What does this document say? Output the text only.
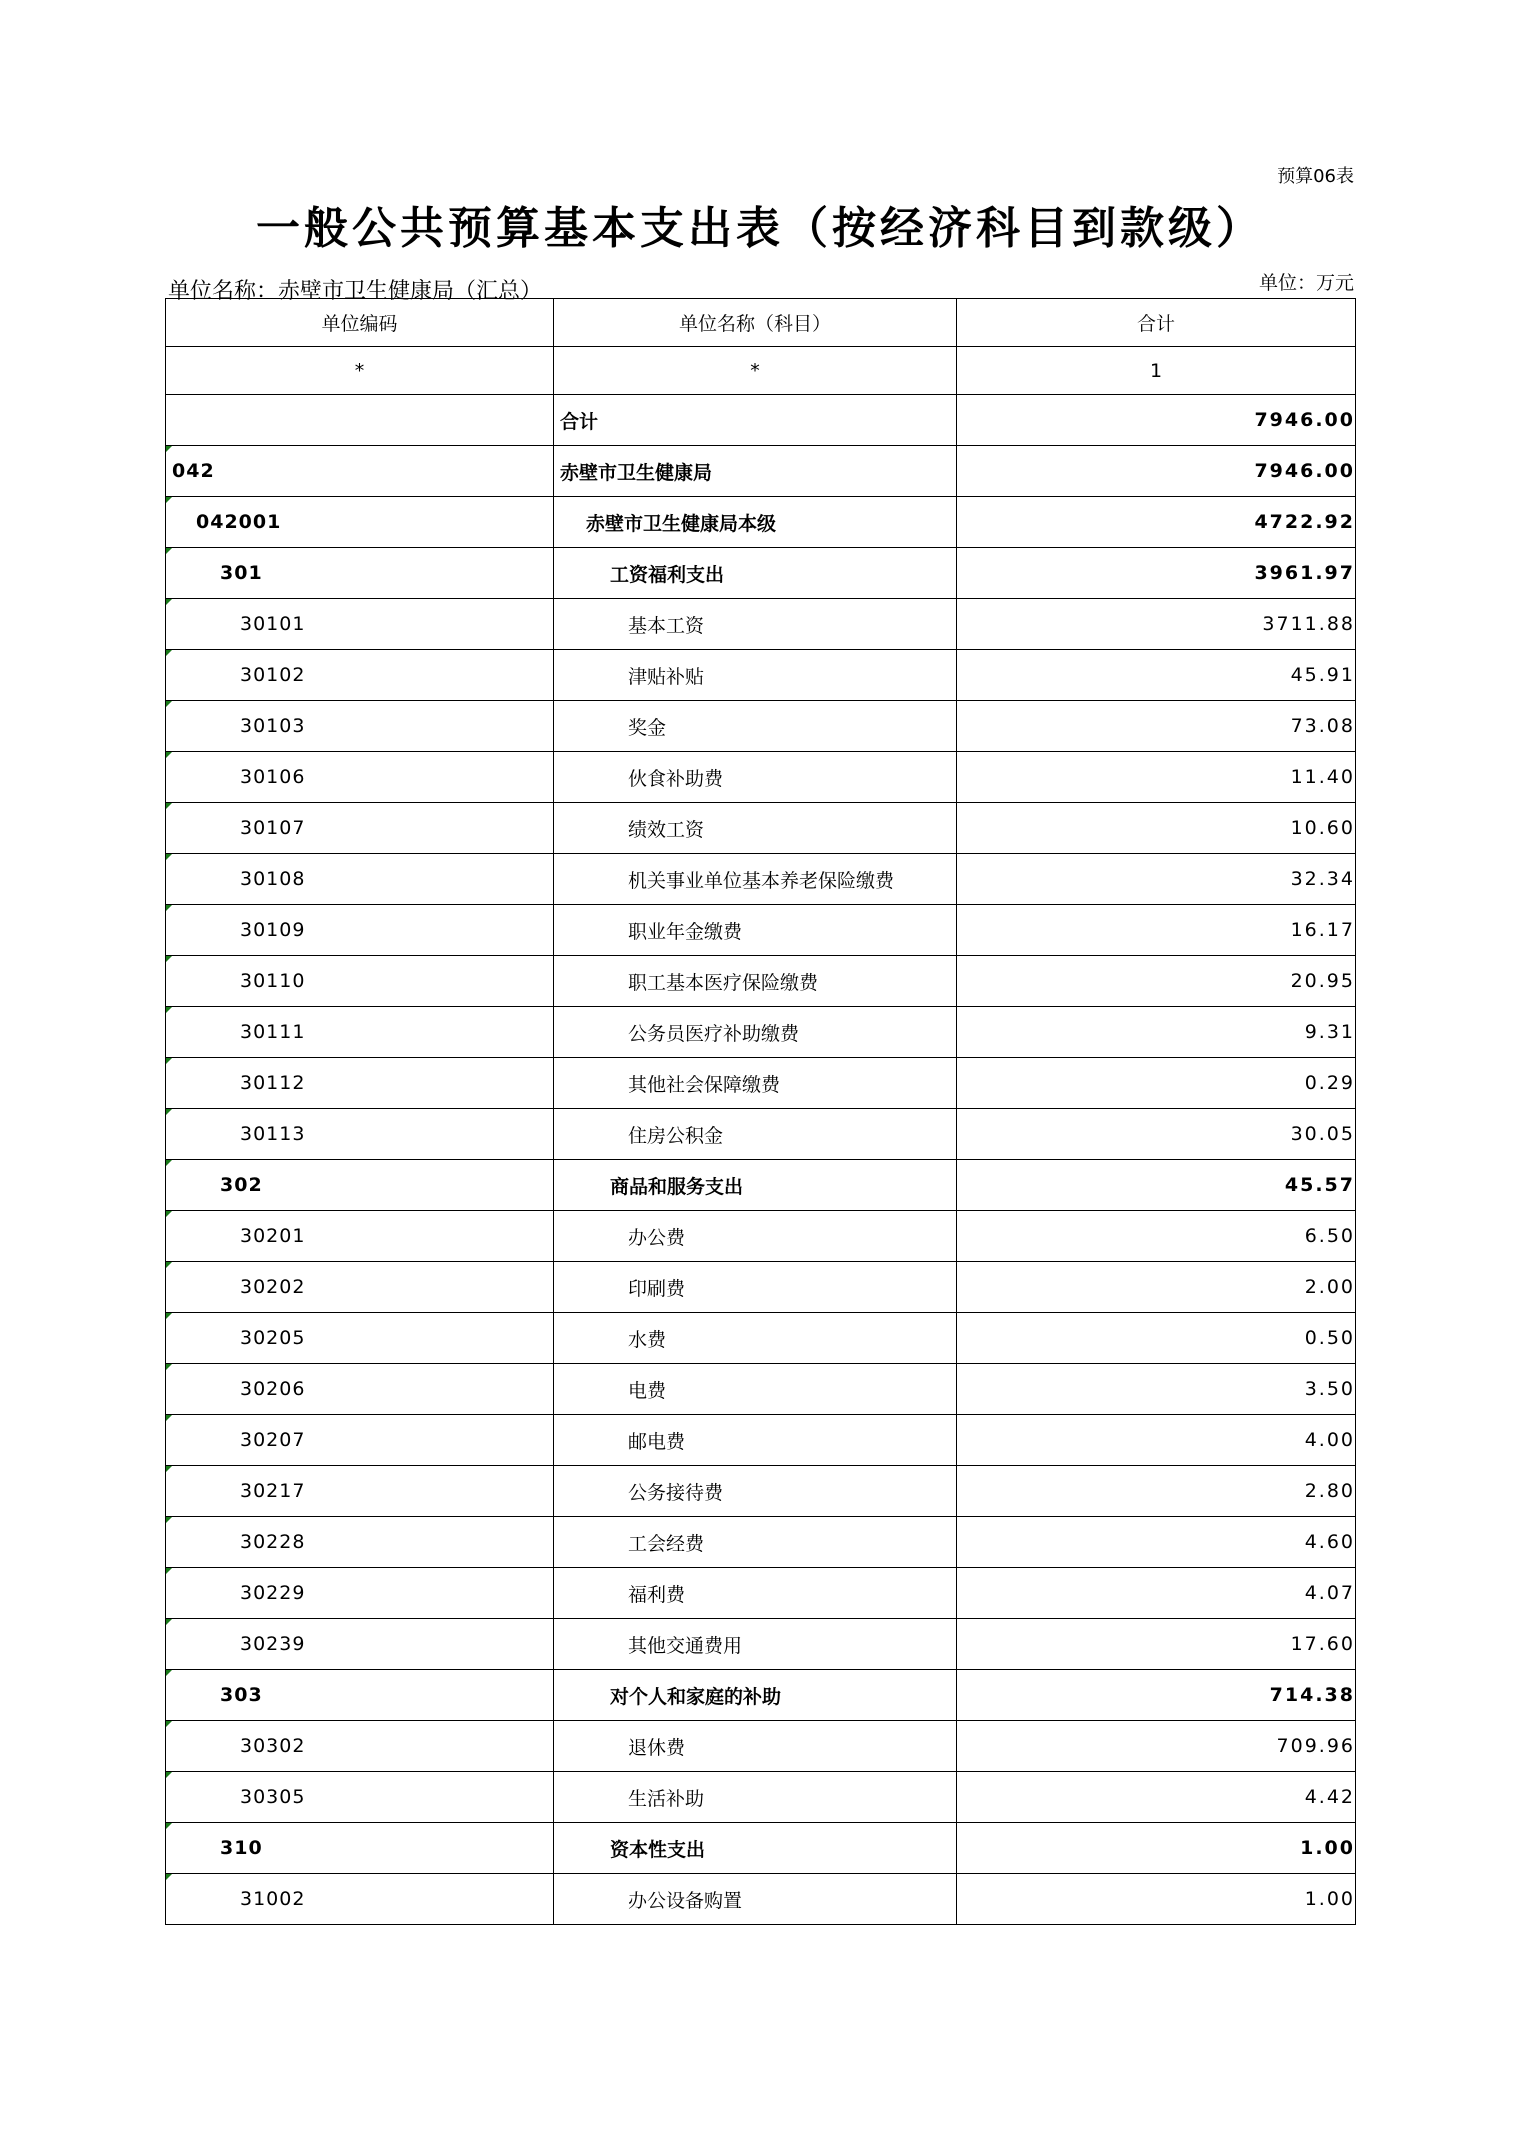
预算06表
一般公共预算基本支出表（按经济科目到款级）
单位名称：赤壁市卫生健康局（汇总）	单位：万元
单位编码	单位名称（科目）	合计
*	*	1
	合计	7946.00

042	赤壁市卫生健康局	7946.00

042001	赤壁市卫生健康局本级	4722.92

301	工资福利支出	3961.97

30101	基本工资	3711.88

30102	津贴补贴	45.91

30103	奖金	73.08

30106	伙食补助费	11.40

30107	绩效工资	10.60

30108	机关事业单位基本养老保险缴费	32.34

30109	职业年金缴费	16.17

30110	职工基本医疗保险缴费	20.95

30111	公务员医疗补助缴费	9.31

30112	其他社会保障缴费	0.29

30113	住房公积金	30.05

302	商品和服务支出	45.57

30201	办公费	6.50

30202	印刷费	2.00

30205	水费	0.50

30206	电费	3.50

30207	邮电费	4.00

30217	公务接待费	2.80

30228	工会经费	4.60

30229	福利费	4.07

30239	其他交通费用	17.60

303	对个人和家庭的补助	714.38

30302	退休费	709.96

30305	生活补助	4.42

310	资本性支出	1.00

31002	办公设备购置	1.00
